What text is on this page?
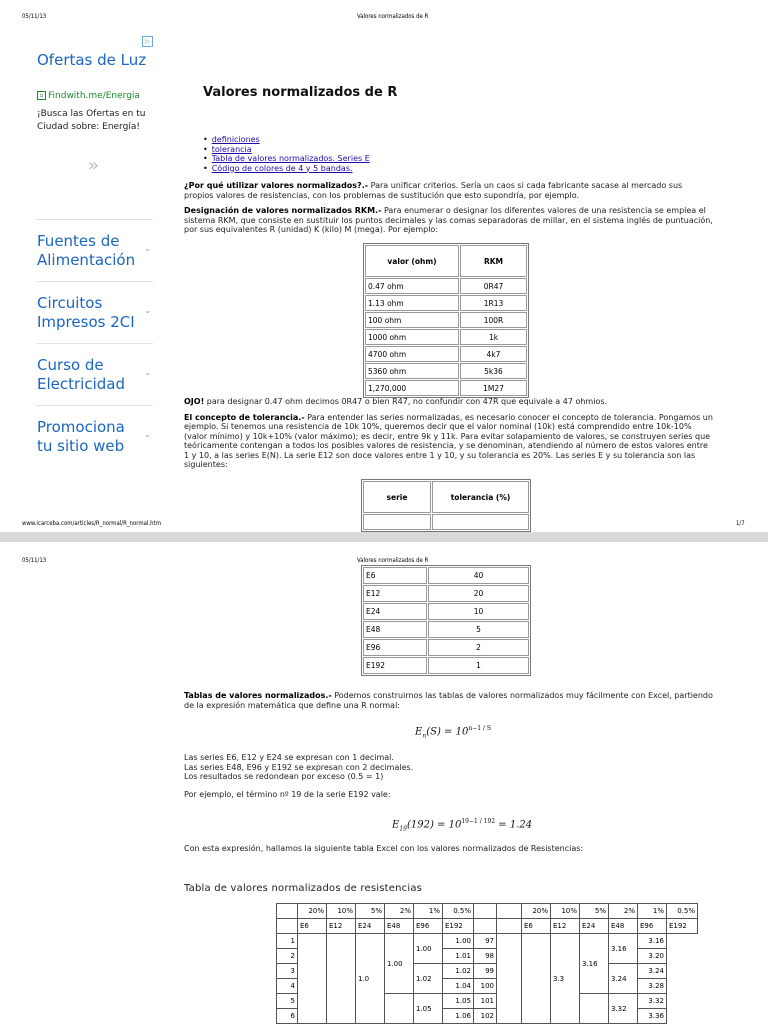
05/11/13	Valores normalizados de R
▷
Ofertas de Luz
▫ Findwith.me/Energía
¡Busca las Ofertas en tu Ciudad sobre: Energía!
»
Fuentes de Alimentación
⌄
Circuitos Impresos 2CI
⌄
Curso de Electricidad
⌄
Promociona tu sitio web
⌄
Valores normalizados de R
• definiciones
• tolerancia
• Tabla de valores normalizados. Series E
• Código de colores de 4 y 5 bandas.

¿Por qué utilizar valores normalizados?.- Para unificar criterios. Sería un caos si cada fabricante sacase al mercado sus propios valores de resistencias, con los problemas de sustitución que esto supondría, por ejemplo.

Designación de valores normalizados RKM.- Para enumerar o designar los diferentes valores de una resistencia se emplea el sistema RKM, que consiste en sustituir los puntos decimales y las comas separadoras de millar, en el sistema inglés de puntuación, por sus equivalentes R (unidad) K (kilo) M (mega). Por ejemplo:

valor (ohm)	RKM
0.47 ohm	0R47
1.13 ohm	1R13
100 ohm	100R
1000 ohm	1k
4700 ohm	4k7
5360 ohm	5k36
1,270,000	1M27

OJO! para designar 0.47 ohm decimos 0R47 o bien R47, no confundir con 47R que equivale a 47 ohmios.

El concepto de tolerancia.- Para entender las series normalizadas, es necesario conocer el concepto de tolerancia. Pongamos un ejemplo. Si tenemos una resistencia de 10k 10%, queremos decir que el valor nominal (10k) está comprendido entre 10k-10% (valor mínimo) y 10k+10% (valor máximo); es decir, entre 9k y 11k. Para evitar solapamiento de valores, se construyen series que teóricamente contengan a todos los posibles valores de resistencia, y se denominan, atendiendo al número de estos valores entre 1 y 10, a las series E(N). La serie E12 son doce valores entre 1 y 10, y su tolerancia es 20%. Las series E y su tolerancia son las siguientes:

serie	tolerancia (%)

www.icarceba.com/articles/R_normal/R_normal.htm	1/7
05/11/13	Valores normalizados de R
E6	40
E12	20
E24	10
E48	5
E96	2
E192	1

Tablas de valores normalizados.- Podemos construirnos las tablas de valores normalizados muy fácilmente con Excel, partiendo de la expresión matemática que define una R normal:

$E_n(S) = 10^{n-1 / S}$
Las series E6, E12 y E24 se expresan con 1 decimal.
Las series E48, E96 y E192 se expresan con 2 decimales.
Los resultados se redondean por exceso (0.5 = 1)
Por ejemplo, el término nº 19 de la serie E192 vale:
$E_{19}(192) = 10^{19-1 / 192} = 1.24$
Con esta expresión, hallamos la siguiente tabla Excel con los valores normalizados de Resistencias:
Tabla de valores normalizados de resistencias
	20%	10%	5%	2%	1%	0.5%			20%	10%	5%	2%	1%	0.5%
	E6	E12	E24	E48	E96	E192			E6	E12	E24	E48	E96	E192
1			1.0	1.00	1.00	1.00	97			3.3	3.16	3.16	3.16	
2						1.01	98						3.20	
3					1.02	1.02	99					3.24	3.24	
4						1.04	100						3.28	
5					1.05	1.05	101					3.32	3.32	
6						1.06	102						3.36	
